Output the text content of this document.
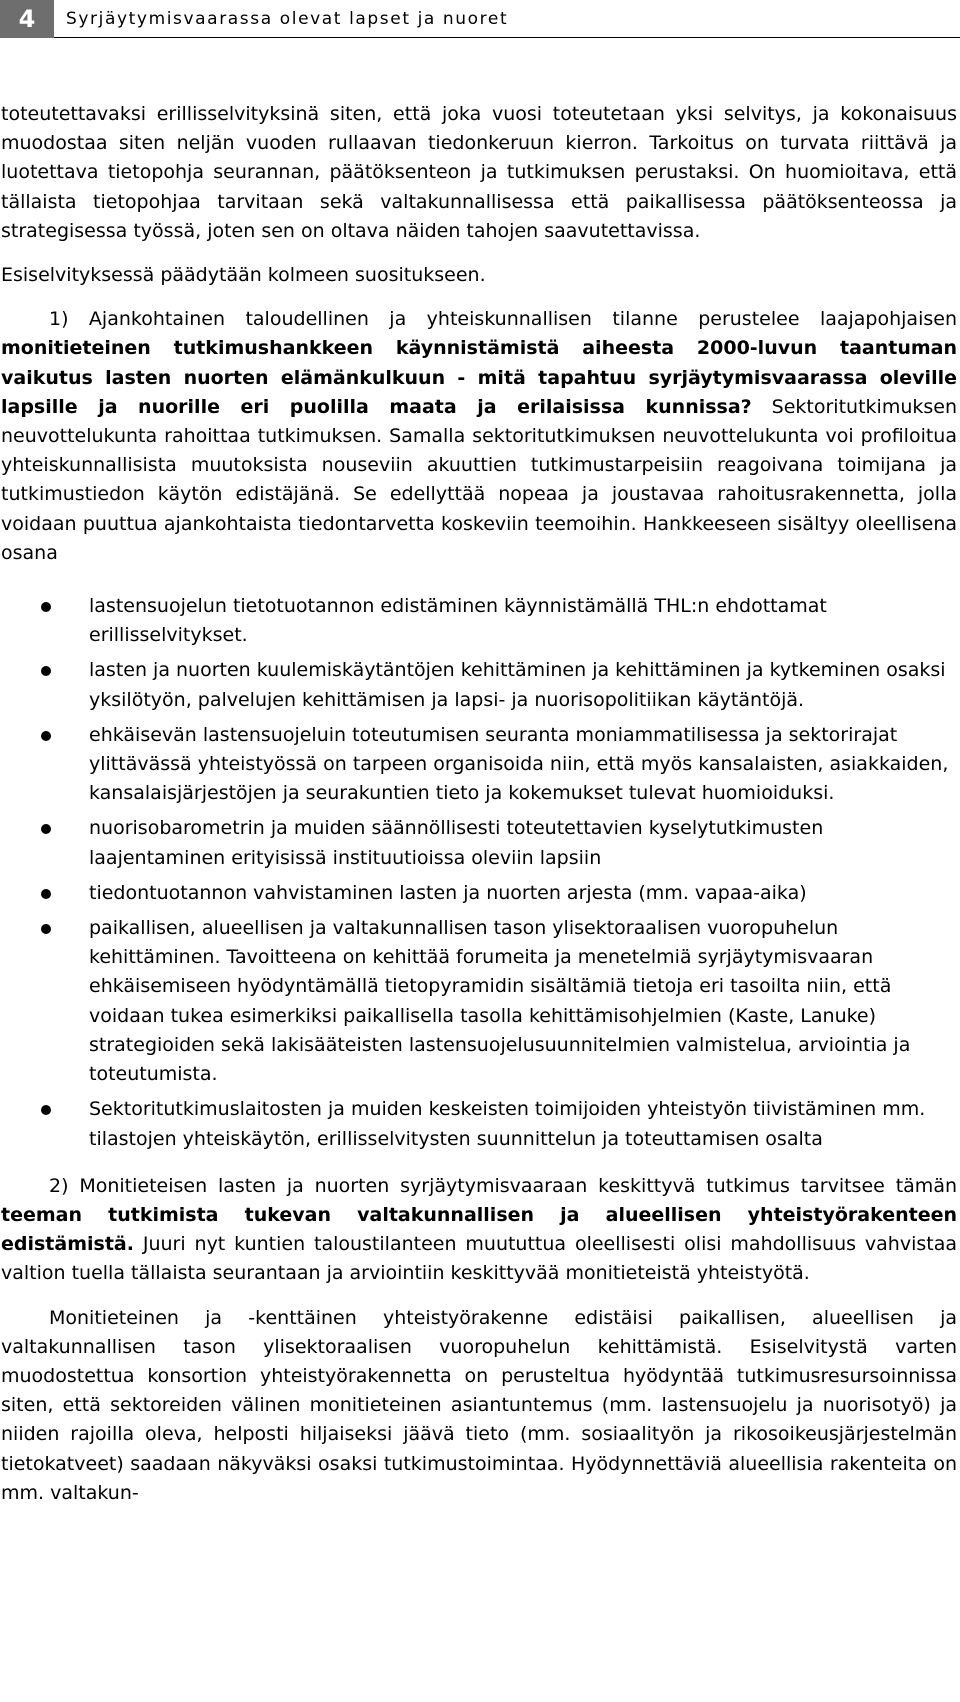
4	Syrjäytymisvaarassa olevat lapset ja nuoret

toteutettavaksi erillisselvityksinä siten, että joka vuosi toteutetaan yksi selvitys, ja kokonaisuus muodostaa siten neljän vuoden rullaavan tiedonkeruun kierron. Tarkoitus on turvata riittävä ja luotettava tietopohja seurannan, päätöksenteon ja tutkimuksen perustaksi. On huomioitava, että tällaista tietopohjaa tarvitaan sekä valtakunnallisessa että paikallisessa päätöksenteossa ja strategisessa työssä, joten sen on oltava näiden tahojen saavutettavissa.

Esiselvityksessä päädytään kolmeen suositukseen.

1) Ajankohtainen taloudellinen ja yhteiskunnallisen tilanne perustelee laajapohjaisen monitieteinen tutkimushankkeen käynnistämistä aiheesta 2000-luvun taantuman vaikutus lasten nuorten elämänkulkuun - mitä tapahtuu syrjäytymisvaarassa oleville lapsille ja nuorille eri puolilla maata ja erilaisissa kunnissa? Sektoritutkimuksen neuvottelukunta rahoittaa tutkimuksen. Samalla sektoritutkimuksen neuvottelukunta voi profiloitua yhteiskunnallisista muutoksista nouseviin akuuttien tutkimustarpeisiin reagoivana toimijana ja tutkimustiedon käytön edistäjänä. Se edellyttää nopeaa ja joustavaa rahoitusrakennetta, jolla voidaan puuttua ajankohtaista tiedontarvetta koskeviin teemoihin. Hankkeeseen sisältyy oleellisena osana

lastensuojelun tietotuotannon edistäminen käynnistämällä THL:n ehdottamat erillisselvitykset.
lasten ja nuorten kuulemiskäytäntöjen kehittäminen ja kehittäminen ja kytkeminen osaksi yksilötyön, palvelujen kehittämisen ja lapsi- ja nuorisopolitiikan käytäntöjä.
ehkäisevän lastensuojeluin toteutumisen seuranta moniammatilisessa ja sektorirajat ylittävässä yhteistyössä on tarpeen organisoida niin, että myös kansalaisten, asiakkaiden, kansalaisjärjestöjen ja seurakuntien tieto ja kokemukset tulevat huomioiduksi.
nuorisobarometrin ja muiden säännöllisesti toteutettavien kyselytutkimusten laajentaminen erityisissä instituutioissa oleviin lapsiin
tiedontuotannon vahvistaminen lasten ja nuorten arjesta (mm. vapaa-aika)
paikallisen, alueellisen ja valtakunnallisen tason ylisektoraalisen vuoropuhelun kehittäminen. Tavoitteena on kehittää forumeita ja menetelmiä syrjäytymisvaaran ehkäisemiseen hyödyntämällä tietopyramidin sisältämiä tietoja eri tasoilta niin, että voidaan tukea esimerkiksi paikallisella tasolla kehittämisohjelmien (Kaste, Lanuke) strategioiden sekä lakisääteisten lastensuojelusuunnitelmien valmistelua, arviointia ja toteutumista.
Sektoritutkimuslaitosten ja muiden keskeisten toimijoiden yhteistyön tiivistäminen mm. tilastojen yhteiskäytön, erillisselvitysten suunnittelun ja toteuttamisen osalta

2) Monitieteisen lasten ja nuorten syrjäytymisvaaraan keskittyvä tutkimus tarvitsee tämän teeman tutkimista tukevan valtakunnallisen ja alueellisen yhteistyörakenteen edistämistä. Juuri nyt kuntien taloustilanteen muututtua oleellisesti olisi mahdollisuus vahvistaa valtion tuella tällaista seurantaan ja arviointiin keskittyvää monitieteistä yhteistyötä.

Monitieteinen ja -kenttäinen yhteistyörakenne edistäisi paikallisen, alueellisen ja valtakunnallisen tason ylisektoraalisen vuoropuhelun kehittämistä. Esiselvitystä varten muodostettua konsortion yhteistyörakennetta on perusteltua hyödyntää tutkimusresursoinnissa siten, että sektoreiden välinen monitieteinen asiantuntemus (mm. lastensuojelu ja nuorisotyö) ja niiden rajoilla oleva, helposti hiljaiseksi jäävä tieto (mm. sosiaalityön ja rikosoikeusjärjestelmän tietokatveet) saadaan näkyväksi osaksi tutkimustoimintaa. Hyödynnettäviä alueellisia rakenteita on mm. valtakun-
